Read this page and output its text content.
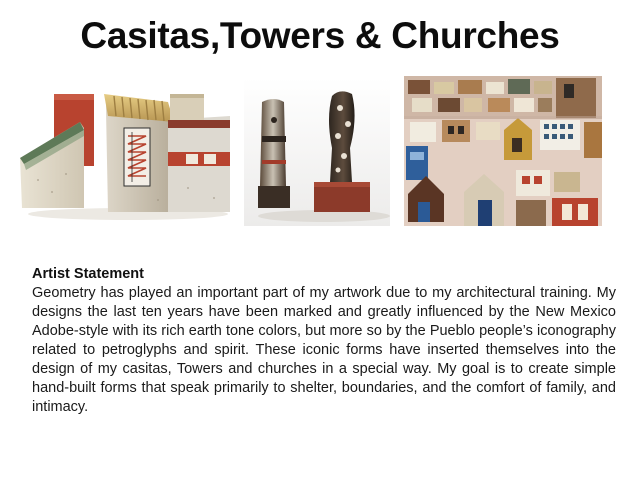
Casitas,Towers & Churches
Artist Statement

Geometry has played an important part of my artwork due to my architectural training. My designs the last ten years have been marked and greatly influenced by the New Mexico Adobe-style with its rich earth tone colors, but more so by the Pueblo people’s iconography related to petroglyphs and spirit. These iconic forms have inserted themselves into the design of my casitas, Towers and churches in a special way. My goal is to create simple hand-built forms that speak primarily to shelter, boundaries, and the comfort of family, and intimacy.
